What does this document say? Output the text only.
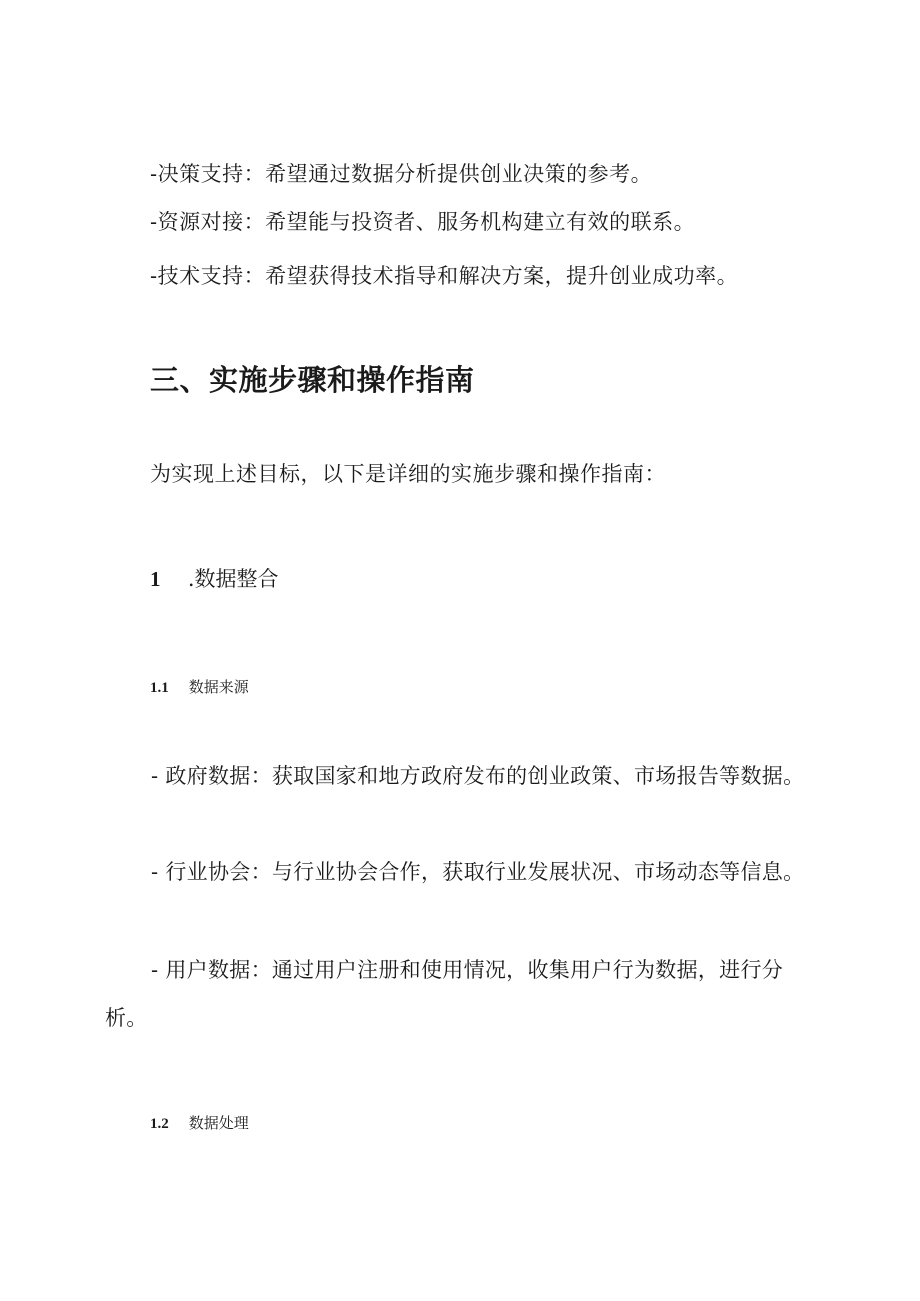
-决策支持：希望通过数据分析提供创业决策的参考。
-资源对接：希望能与投资者、服务机构建立有效的联系。
-技术支持：希望获得技术指导和解决方案，提升创业成功率。
三、实施步骤和操作指南
为实现上述目标，以下是详细的实施步骤和操作指南：
1 .数据整合
1.1 数据来源
- 政府数据：获取国家和地方政府发布的创业政策、市场报告等数据。
- 行业协会：与行业协会合作，获取行业发展状况、市场动态等信息。
- 用户数据：通过用户注册和使用情况，收集用户行为数据，进行分析。
1.2 数据处理
